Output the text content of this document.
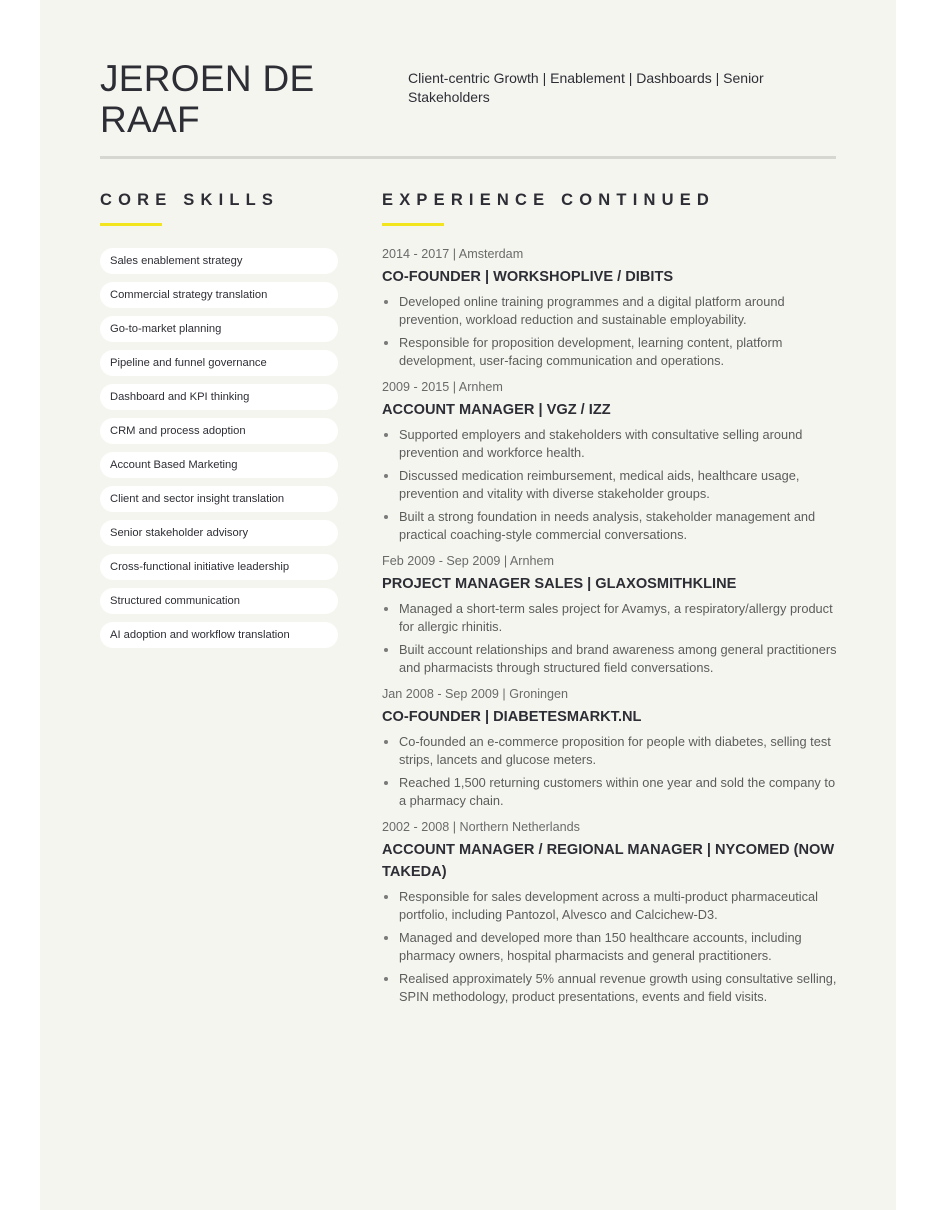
JEROEN DE RAAF
Client-centric Growth | Enablement | Dashboards | Senior Stakeholders
CORE SKILLS
Sales enablement strategy
Commercial strategy translation
Go-to-market planning
Pipeline and funnel governance
Dashboard and KPI thinking
CRM and process adoption
Account Based Marketing
Client and sector insight translation
Senior stakeholder advisory
Cross-functional initiative leadership
Structured communication
AI adoption and workflow translation
EXPERIENCE CONTINUED
2014 - 2017 | Amsterdam
CO-FOUNDER | WORKSHOPLIVE / DIBITS
Developed online training programmes and a digital platform around prevention, workload reduction and sustainable employability.
Responsible for proposition development, learning content, platform development, user-facing communication and operations.
2009 - 2015 | Arnhem
ACCOUNT MANAGER | VGZ / IZZ
Supported employers and stakeholders with consultative selling around prevention and workforce health.
Discussed medication reimbursement, medical aids, healthcare usage, prevention and vitality with diverse stakeholder groups.
Built a strong foundation in needs analysis, stakeholder management and practical coaching-style commercial conversations.
Feb 2009 - Sep 2009 | Arnhem
PROJECT MANAGER SALES | GLAXOSMITHKLINE
Managed a short-term sales project for Avamys, a respiratory/allergy product for allergic rhinitis.
Built account relationships and brand awareness among general practitioners and pharmacists through structured field conversations.
Jan 2008 - Sep 2009 | Groningen
CO-FOUNDER | DIABETESMARKT.NL
Co-founded an e-commerce proposition for people with diabetes, selling test strips, lancets and glucose meters.
Reached 1,500 returning customers within one year and sold the company to a pharmacy chain.
2002 - 2008 | Northern Netherlands
ACCOUNT MANAGER / REGIONAL MANAGER | NYCOMED (NOW TAKEDA)
Responsible for sales development across a multi-product pharmaceutical portfolio, including Pantozol, Alvesco and Calcichew-D3.
Managed and developed more than 150 healthcare accounts, including pharmacy owners, hospital pharmacists and general practitioners.
Realised approximately 5% annual revenue growth using consultative selling, SPIN methodology, product presentations, events and field visits.
